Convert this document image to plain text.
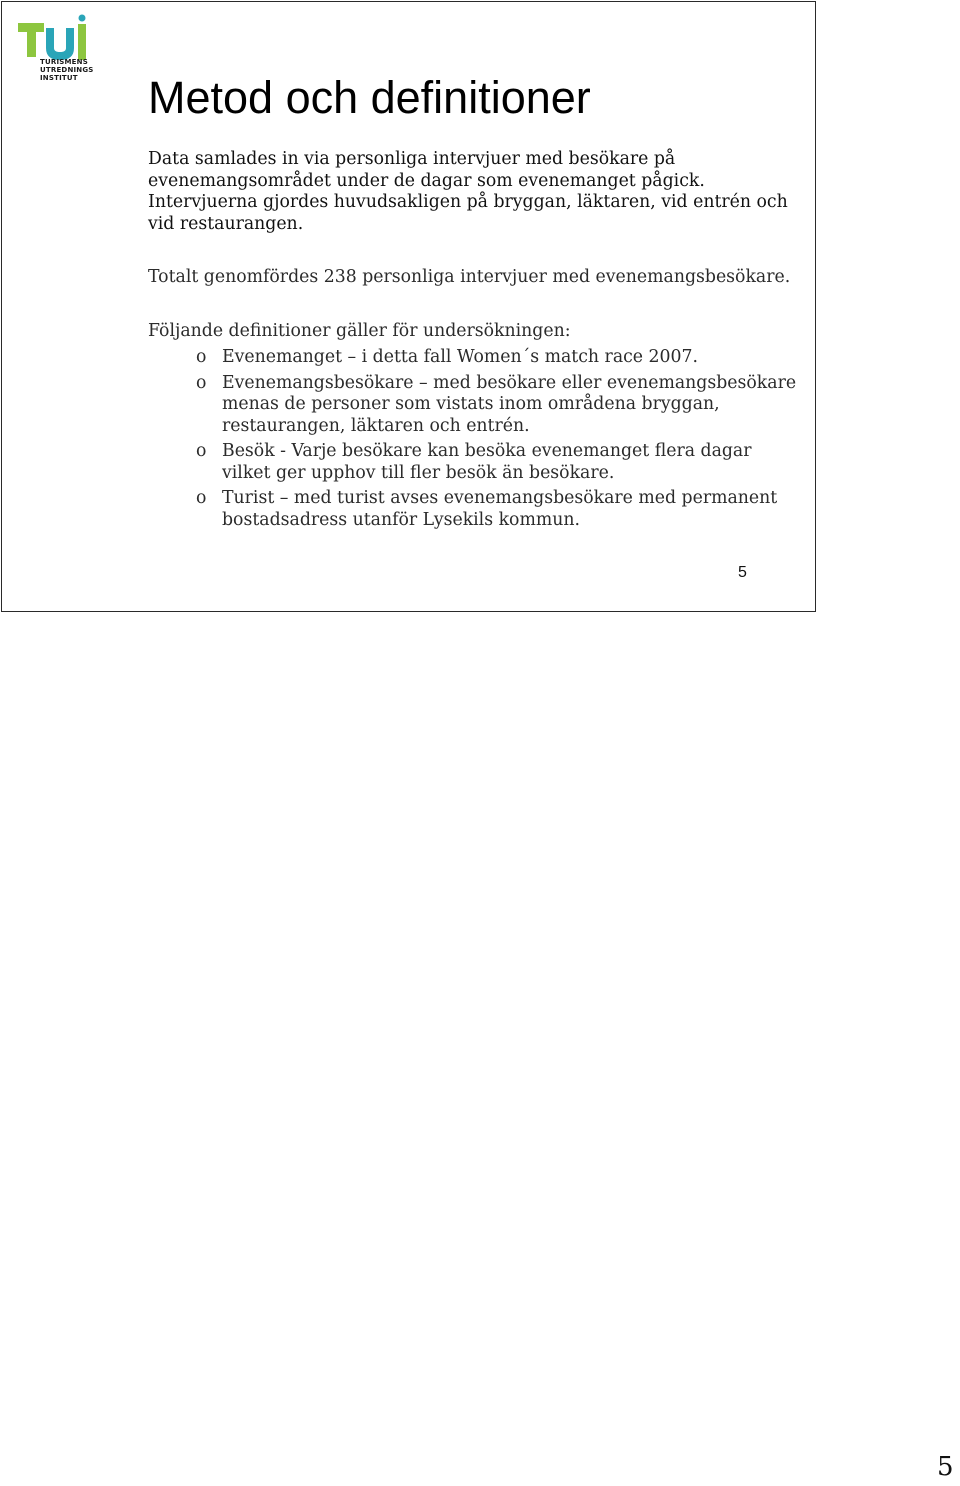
TURISMENS
UTREDNINGS
INSTITUT	Metod och definitioner

Data samlades in via personliga intervjuer med besökare på evenemangsområdet under de dagar som evenemanget pågick. Intervjuerna gjordes huvudsakligen på bryggan, läktaren, vid entrén och vid restaurangen.

Totalt genomfördes 238 personliga intervjuer med evenemangsbesökare.

Följande definitioner gäller för undersökningen:

o Evenemanget – i detta fall Women´s match race 2007.
o Evenemangsbesökare – med besökare eller evenemangsbesökare menas de personer som vistats inom områdena bryggan, restaurangen, läktaren och entrén.
o Besök - Varje besökare kan besöka evenemanget flera dagar vilket ger upphov till fler besök än besökare.
o Turist – med turist avses evenemangsbesökare med permanent bostadsadress utanför Lysekils kommun.
5
5
